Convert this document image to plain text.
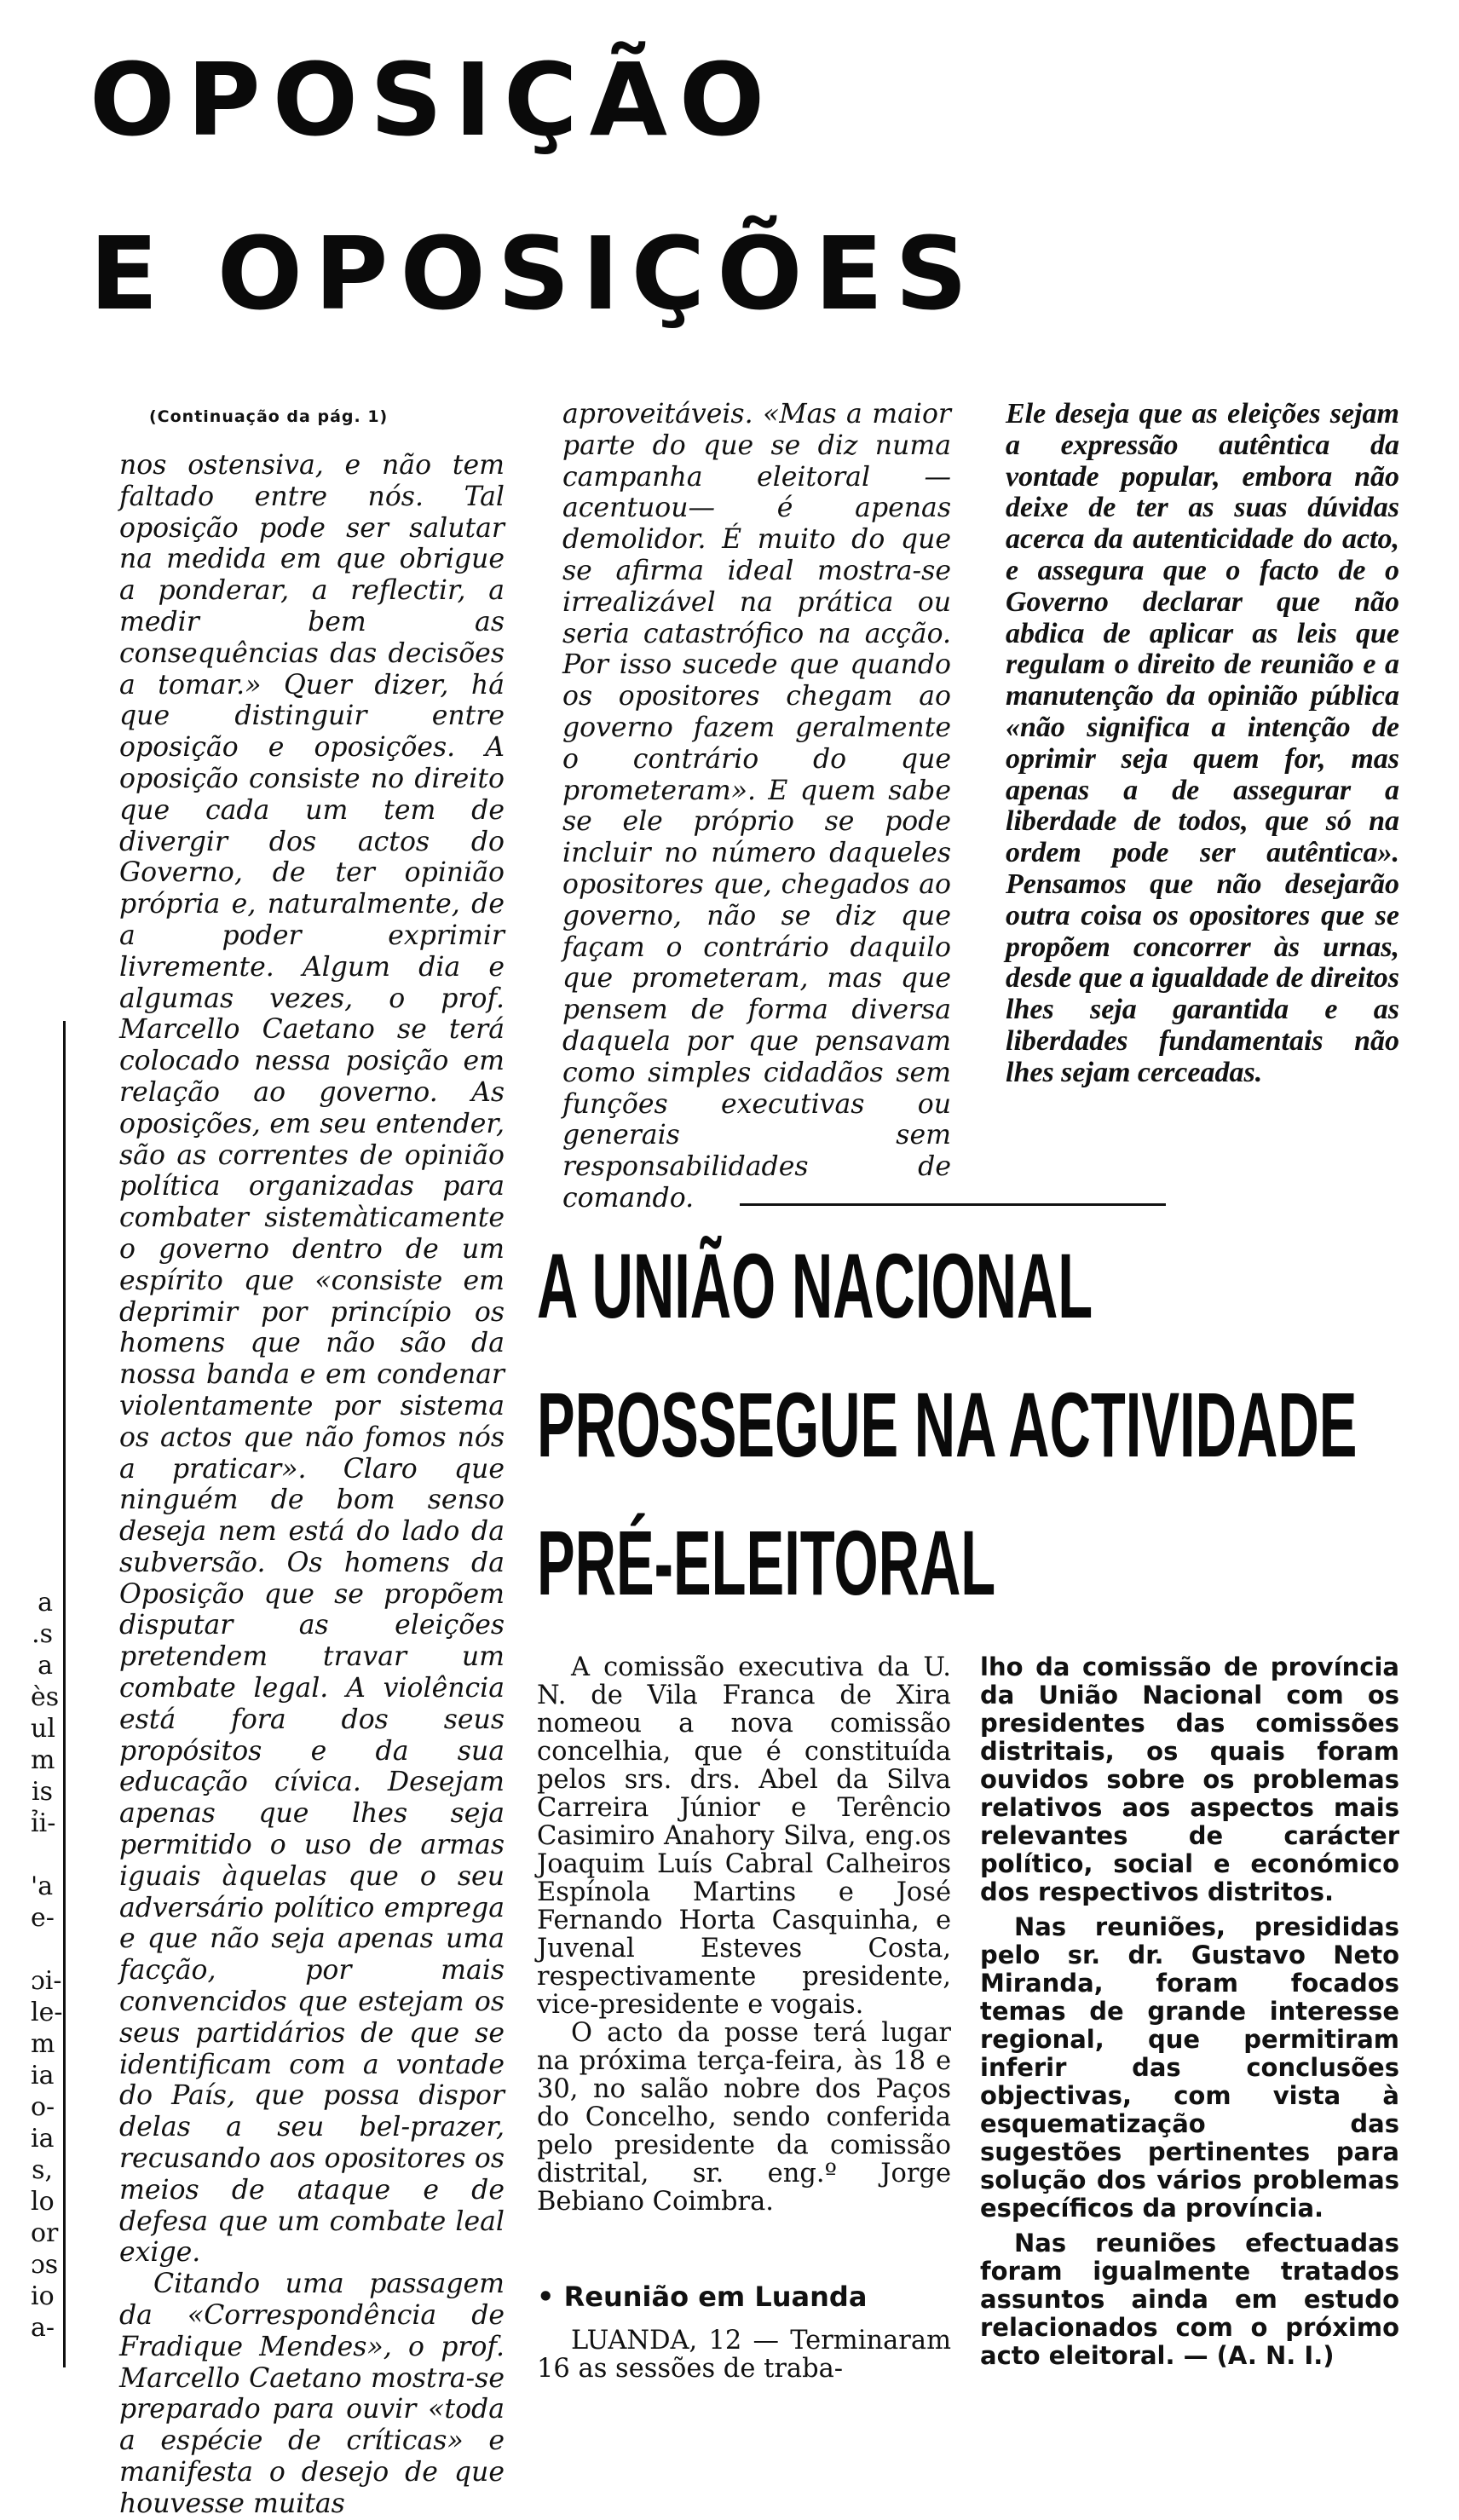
OPOSIÇÃO
E OPOSIÇÕES
(Continuação da pág. 1)

nos ostensiva, e não tem faltado entre nós. Tal oposição pode ser salutar na medida em que obrigue a ponderar, a reflectir, a medir bem as consequências das decisões a tomar.» Quer dizer, há que distinguir entre oposição e oposições. A oposição consiste no direito que cada um tem de divergir dos actos do Governo, de ter opinião própria e, naturalmente, de a poder exprimir livremente. Algum dia e algumas vezes, o prof. Marcello Caetano se terá colocado nessa posição em relação ao governo. As oposições, em seu entender, são as correntes de opinião política organizadas para combater sistemàticamente o governo dentro de um espírito que «consiste em deprimir por princípio os homens que não são da nossa banda e em condenar violentamente por sistema os actos que não fomos nós a praticar». Claro que ninguém de bom senso deseja nem está do lado da subversão. Os homens da Oposição que se propõem disputar as eleições pretendem travar um combate legal. A violência está fora dos seus propósitos e da sua educação cívica. Desejam apenas que lhes seja permitido o uso de armas iguais àquelas que o seu adversário político emprega e que não seja apenas uma facção, por mais convencidos que estejam os seus partidários de que se identificam com a vontade do País, que possa dispor delas a seu bel-prazer, recusando aos opositores os meios de ataque e de defesa que um combate leal exige.

Citando uma passagem da «Correspondência de Fradique Mendes», o prof. Marcello Caetano mostra-se preparado para ouvir «toda a espécie de críticas» e manifesta o desejo de que houvesse muitas

aproveitáveis. «Mas a maior parte do que se diz numa campanha eleitoral —acentuou— é apenas demolidor. É muito do que se afirma ideal mostra-se irrealizável na prática ou seria catastrófico na acção. Por isso sucede que quando os opositores chegam ao governo fazem geralmente o contrário do que prometeram». E quem sabe se ele próprio se pode incluir no número daqueles opositores que, chegados ao governo, não se diz que façam o contrário daquilo que prometeram, mas que pensem de forma diversa daquela por que pensavam como simples cidadãos sem funções executivas ou generais sem responsabilidades de comando.

Ele deseja que as eleições sejam a expressão autêntica da vontade popular, embora não deixe de ter as suas dúvidas acerca da autenticidade do acto, e assegura que o facto de o Governo declarar que não abdica de aplicar as leis que regulam o direito de reunião e a manutenção da opinião pública «não significa a intenção de oprimir seja quem for, mas apenas a de assegurar a liberdade de todos, que só na ordem pode ser autêntica». Pensamos que não desejarão outra coisa os opositores que se propõem concorrer às urnas, desde que a igualdade de direitos lhes seja garantida e as liberdades fundamentais não lhes sejam cerceadas.

A UNIÃO NACIONAL
PROSSEGUE NA ACTIVIDADE
PRÉ-ELEITORAL

A comissão executiva da U. N. de Vila Franca de Xira nomeou a nova comissão concelhia, que é constituída pelos srs. drs. Abel da Silva Carreira Júnior e Terêncio Casimiro Anahory Silva, eng.os Joaquim Luís Cabral Calheiros Espínola Martins e José Fernando Horta Casquinha, e Juvenal Esteves Costa, respectivamente presidente, vice-presidente e vogais.

O acto da posse terá lugar na próxima terça-feira, às 18 e 30, no salão nobre dos Paços do Concelho, sendo conferida pelo presidente da comissão distrital, sr. eng.º Jorge Bebiano Coimbra.

• Reunião em Luanda

LUANDA, 12 — Terminaram 16 as sessões de traba-

lho da comissão de província da União Nacional com os presidentes das comissões distritais, os quais foram ouvidos sobre os problemas relativos aos aspectos mais relevantes de carácter político, social e económico dos respectivos distritos.

Nas reuniões, presididas pelo sr. dr. Gustavo Neto Miranda, foram focados temas de grande interesse regional, que permitiram inferir das conclusões objectivas, com vista à esquematização das sugestões pertinentes para solução dos vários problemas específicos da província.

Nas reuniões efectuadas foram igualmente tratados assuntos ainda em estudo relacionados com o próximo acto eleitoral. — (A. N. I.)

a
.s
a
ès
ul
m
is
ỉi-

'a
e-

ɔi-
le-
m
ia
o-
ia
s,
lo
or
ɔs
io
a-
